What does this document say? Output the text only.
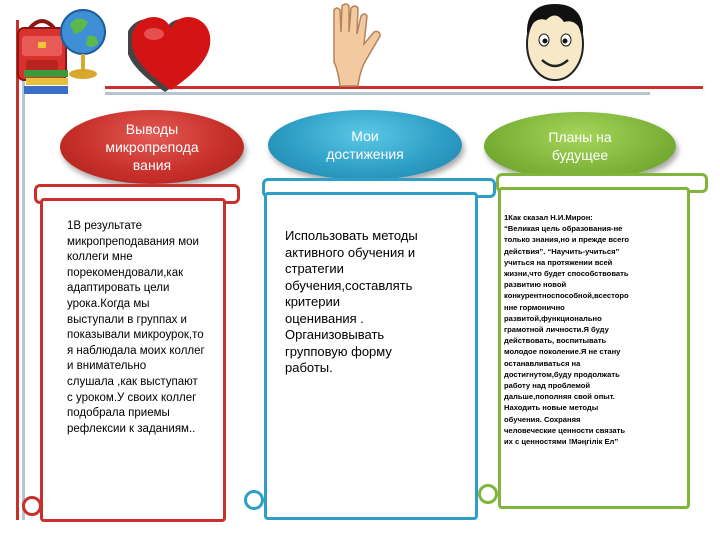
Выводы
микропрепода
вания
Мои
достижения
Планы на
будущее
1В результате
микропреподавания мои
коллеги мне
порекомендовали,как
адаптировать цели
урока.Когда мы
выступали в группах и
показывали микроурок,то
я наблюдала моих коллег
и внимательно
слушала ,как выступают
с уроком.У своих коллег
подобрала приемы
рефлексии к заданиям..
Использовать методы
активного обучения и
стратегии
обучения,составлять
критерии
оценивания .
Организовывать
групповую форму
работы.
1Как сказал Н.И.Мирон:
“Великая цель образования-не
только знания,но и прежде всего
действия”. “Научить-учиться”
учиться на протяжении всей
жизни,что будет способствовать
развитию новой
конкурентноспособной,всесторо
нне гормонично
развитой,функционально
грамотной личности.Я буду
действовать, воспитывать
молодое поколение.Я не стану
останавливаться на
достигнутом,буду продолжать
работу над проблемой
дальше,пополняя свой опыт.
Находить новые методы
обучения. Сохраняя
человеческие ценности связать
их с ценностями !Мәңгілік Ел”
